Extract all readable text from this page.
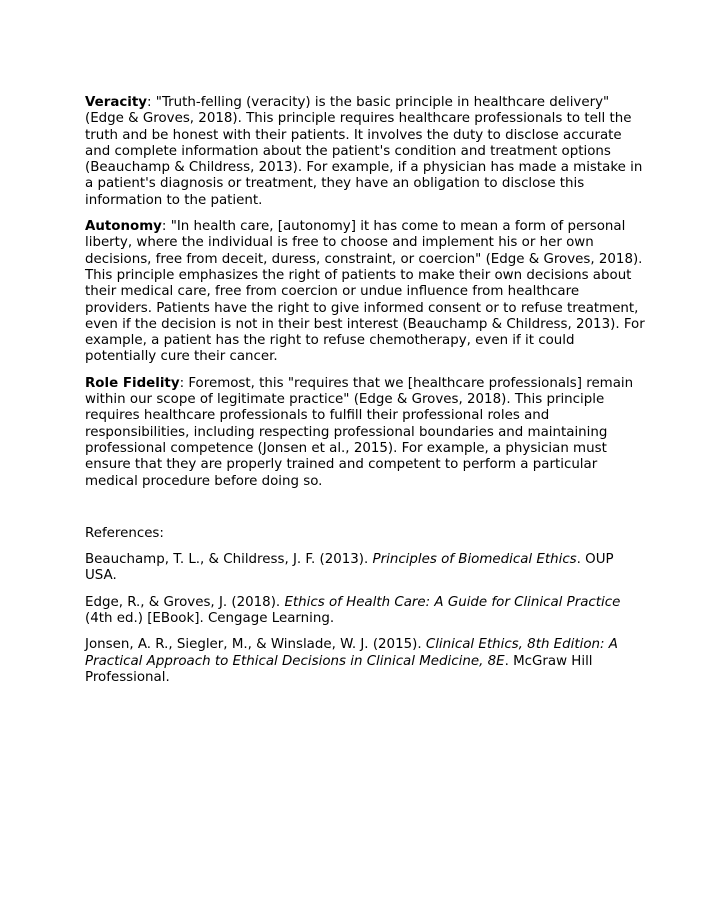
Veracity: "Truth-felling (veracity) is the basic principle in healthcare delivery" (Edge & Groves, 2018). This principle requires healthcare professionals to tell the truth and be honest with their patients. It involves the duty to disclose accurate and complete information about the patient's condition and treatment options (Beauchamp & Childress, 2013). For example, if a physician has made a mistake in a patient's diagnosis or treatment, they have an obligation to disclose this information to the patient.

Autonomy: "In health care, [autonomy] it has come to mean a form of personal liberty, where the individual is free to choose and implement his or her own decisions, free from deceit, duress, constraint, or coercion" (Edge & Groves, 2018). This principle emphasizes the right of patients to make their own decisions about their medical care, free from coercion or undue influence from healthcare providers. Patients have the right to give informed consent or to refuse treatment, even if the decision is not in their best interest (Beauchamp & Childress, 2013). For example, a patient has the right to refuse chemotherapy, even if it could potentially cure their cancer.

Role Fidelity: Foremost, this "requires that we [healthcare professionals] remain within our scope of legitimate practice" (Edge & Groves, 2018). This principle requires healthcare professionals to fulfill their professional roles and responsibilities, including respecting professional boundaries and maintaining professional competence (Jonsen et al., 2015). For example, a physician must ensure that they are properly trained and competent to perform a particular medical procedure before doing so.

References:

Beauchamp, T. L., & Childress, J. F. (2013). Principles of Biomedical Ethics. OUP USA.

Edge, R., & Groves, J. (2018). Ethics of Health Care: A Guide for Clinical Practice (4th ed.) [EBook]. Cengage Learning.

Jonsen, A. R., Siegler, M., & Winslade, W. J. (2015). Clinical Ethics, 8th Edition: A Practical Approach to Ethical Decisions in Clinical Medicine, 8E. McGraw Hill Professional.
